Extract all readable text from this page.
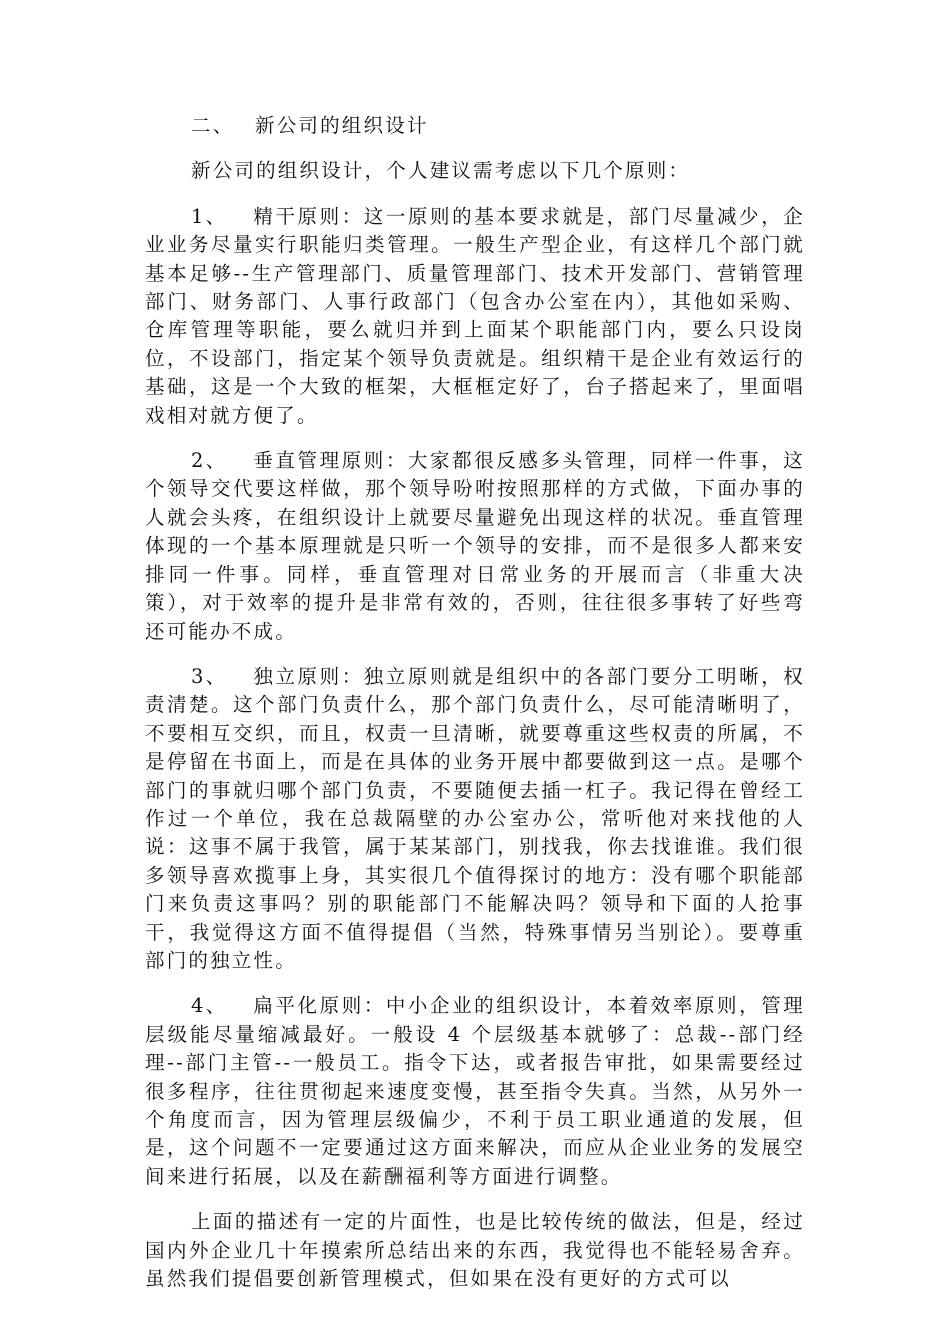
二、 新公司的组织设计

新公司的组织设计，个人建议需考虑以下几个原则：

1、 精干原则：这一原则的基本要求就是，部门尽量减少，企业业务尽量实行职能归类管理。一般生产型企业，有这样几个部门就基本足够--生产管理部门、质量管理部门、技术开发部门、营销管理部门、财务部门、人事行政部门（包含办公室在内），其他如采购、仓库管理等职能，要么就归并到上面某个职能部门内，要么只设岗位，不设部门，指定某个领导负责就是。组织精干是企业有效运行的基础，这是一个大致的框架，大框框定好了，台子搭起来了，里面唱戏相对就方便了。

2、 垂直管理原则：大家都很反感多头管理，同样一件事，这个领导交代要这样做，那个领导吩咐按照那样的方式做，下面办事的人就会头疼，在组织设计上就要尽量避免出现这样的状况。垂直管理体现的一个基本原理就是只听一个领导的安排，而不是很多人都来安排同一件事。同样，垂直管理对日常业务的开展而言（非重大决策），对于效率的提升是非常有效的，否则，往往很多事转了好些弯还可能办不成。

3、 独立原则：独立原则就是组织中的各部门要分工明晰，权责清楚。这个部门负责什么，那个部门负责什么，尽可能清晰明了，不要相互交织，而且，权责一旦清晰，就要尊重这些权责的所属，不是停留在书面上，而是在具体的业务开展中都要做到这一点。是哪个部门的事就归哪个部门负责，不要随便去插一杠子。我记得在曾经工作过一个单位，我在总裁隔壁的办公室办公，常听他对来找他的人说：这事不属于我管，属于某某部门，别找我，你去找谁谁。我们很多领导喜欢揽事上身，其实很几个值得探讨的地方：没有哪个职能部门来负责这事吗？别的职能部门不能解决吗？领导和下面的人抢事干，我觉得这方面不值得提倡（当然，特殊事情另当别论）。要尊重部门的独立性。

4、 扁平化原则：中小企业的组织设计，本着效率原则，管理层级能尽量缩减最好。一般设 4 个层级基本就够了：总裁--部门经理--部门主管--一般员工。指令下达，或者报告审批，如果需要经过很多程序，往往贯彻起来速度变慢，甚至指令失真。当然，从另外一个角度而言，因为管理层级偏少，不利于员工职业通道的发展，但是，这个问题不一定要通过这方面来解决，而应从企业业务的发展空间来进行拓展，以及在薪酬福利等方面进行调整。

上面的描述有一定的片面性，也是比较传统的做法，但是，经过国内外企业几十年摸索所总结出来的东西，我觉得也不能轻易舍弃。虽然我们提倡要创新管理模式，但如果在没有更好的方式可以
